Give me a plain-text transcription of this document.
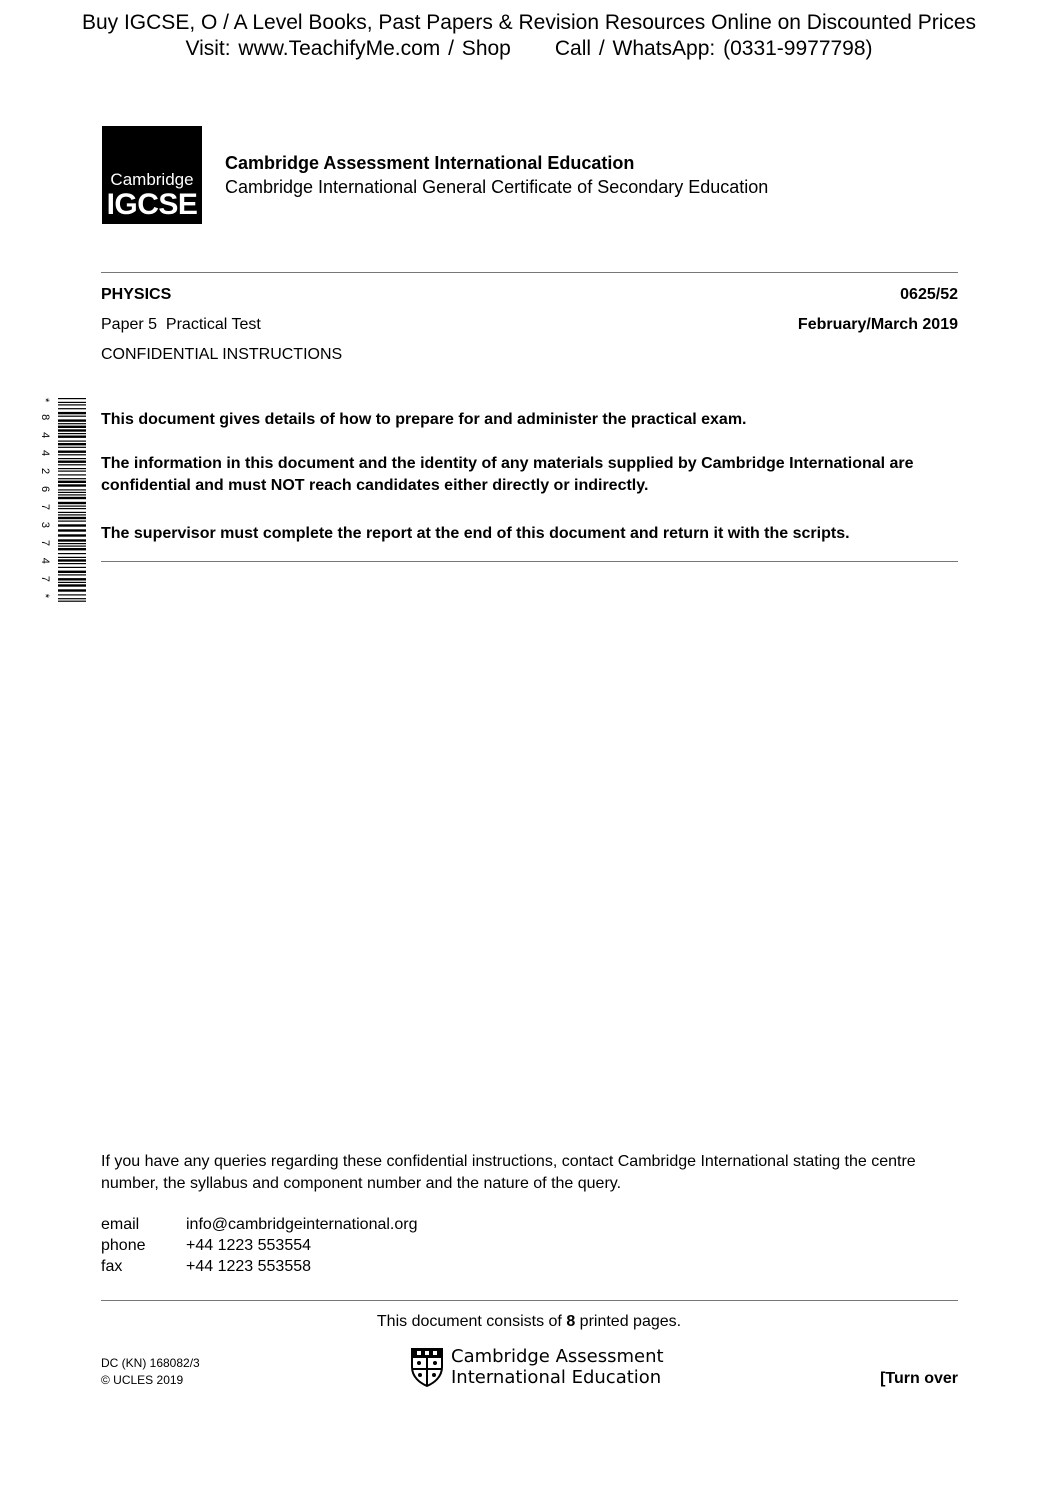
Buy IGCSE, O / A Level Books, Past Papers & Revision Resources Online on Discounted Prices
Visit: www.TeachifyMe.com / Shop Call / WhatsApp: (0331-9977798)
Cambridge
IGCSE
Cambridge Assessment International Education
Cambridge International General Certificate of Secondary Education
PHYSICS	0625/52
Paper 5  Practical Test	February/March 2019
CONFIDENTIAL INSTRUCTIONS
* 8 4 4 2 6 7 3 7 4 7 *
This document gives details of how to prepare for and administer the practical exam.
The information in this document and the identity of any materials supplied by Cambridge International are confidential and must NOT reach candidates either directly or indirectly.
The supervisor must complete the report at the end of this document and return it with the scripts.
If you have any queries regarding these confidential instructions, contact Cambridge International stating the centre number, the syllabus and component number and the nature of the query.
email	info@cambridgeinternational.org
phone	+44 1223 553554
fax	+44 1223 553558
This document consists of 8 printed pages.
DC (KN) 168082/3
© UCLES 2019
Cambridge Assessment
International Education	[Turn over
